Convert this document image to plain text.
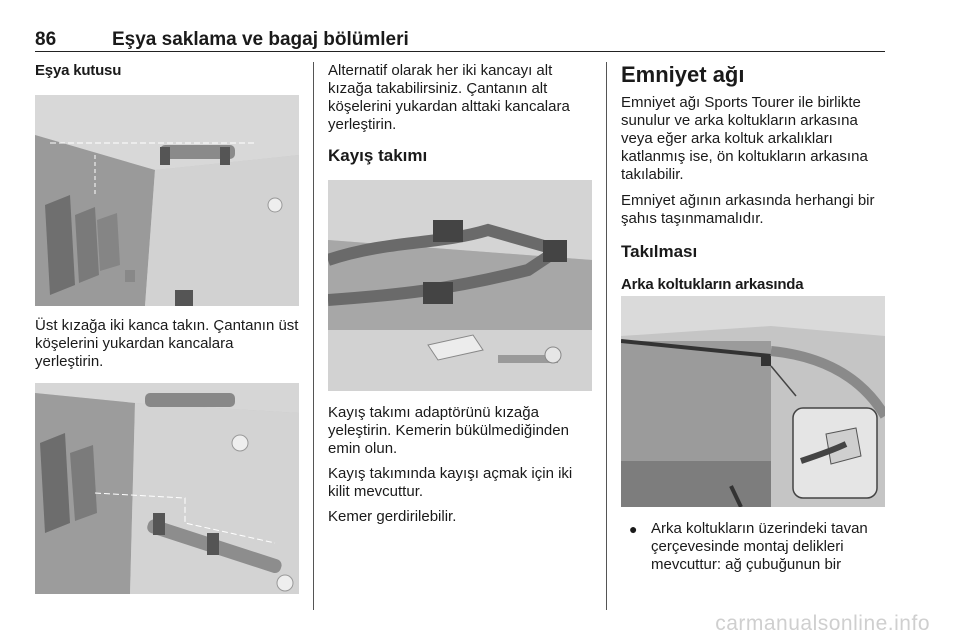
86	Eşya saklama ve bagaj bölümleri
Eşya kutusu

Üst kızağa iki kanca takın. Çantanın üst köşelerini yukardan kancalara yerleştirin.

Alternatif olarak her iki kancayı alt kızağa takabilirsiniz. Çantanın alt köşelerini yukardan alttaki kancalara yerleştirin.

Kayış takımı

Kayış takımı adaptörünü kızağa yeleştirin. Kemerin bükülmediğinden emin olun.

Kayış takımında kayışı açmak için iki kilit mevcuttur.

Kemer gerdirilebilir.

Emniyet ağı

Emniyet ağı Sports Tourer ile birlikte sunulur ve arka koltukların arkasına veya eğer arka koltuk arkalıkları katlanmış ise, ön koltukların arkasına takılabilir.

Emniyet ağının arkasında herhangi bir şahıs taşınmamalıdır.

Takılması
Arka koltukların arkasında
● Arka koltukların üzerindeki tavan çerçevesinde montaj delikleri mevcuttur: ağ çubuğunun bir
carmanualsonline.info
